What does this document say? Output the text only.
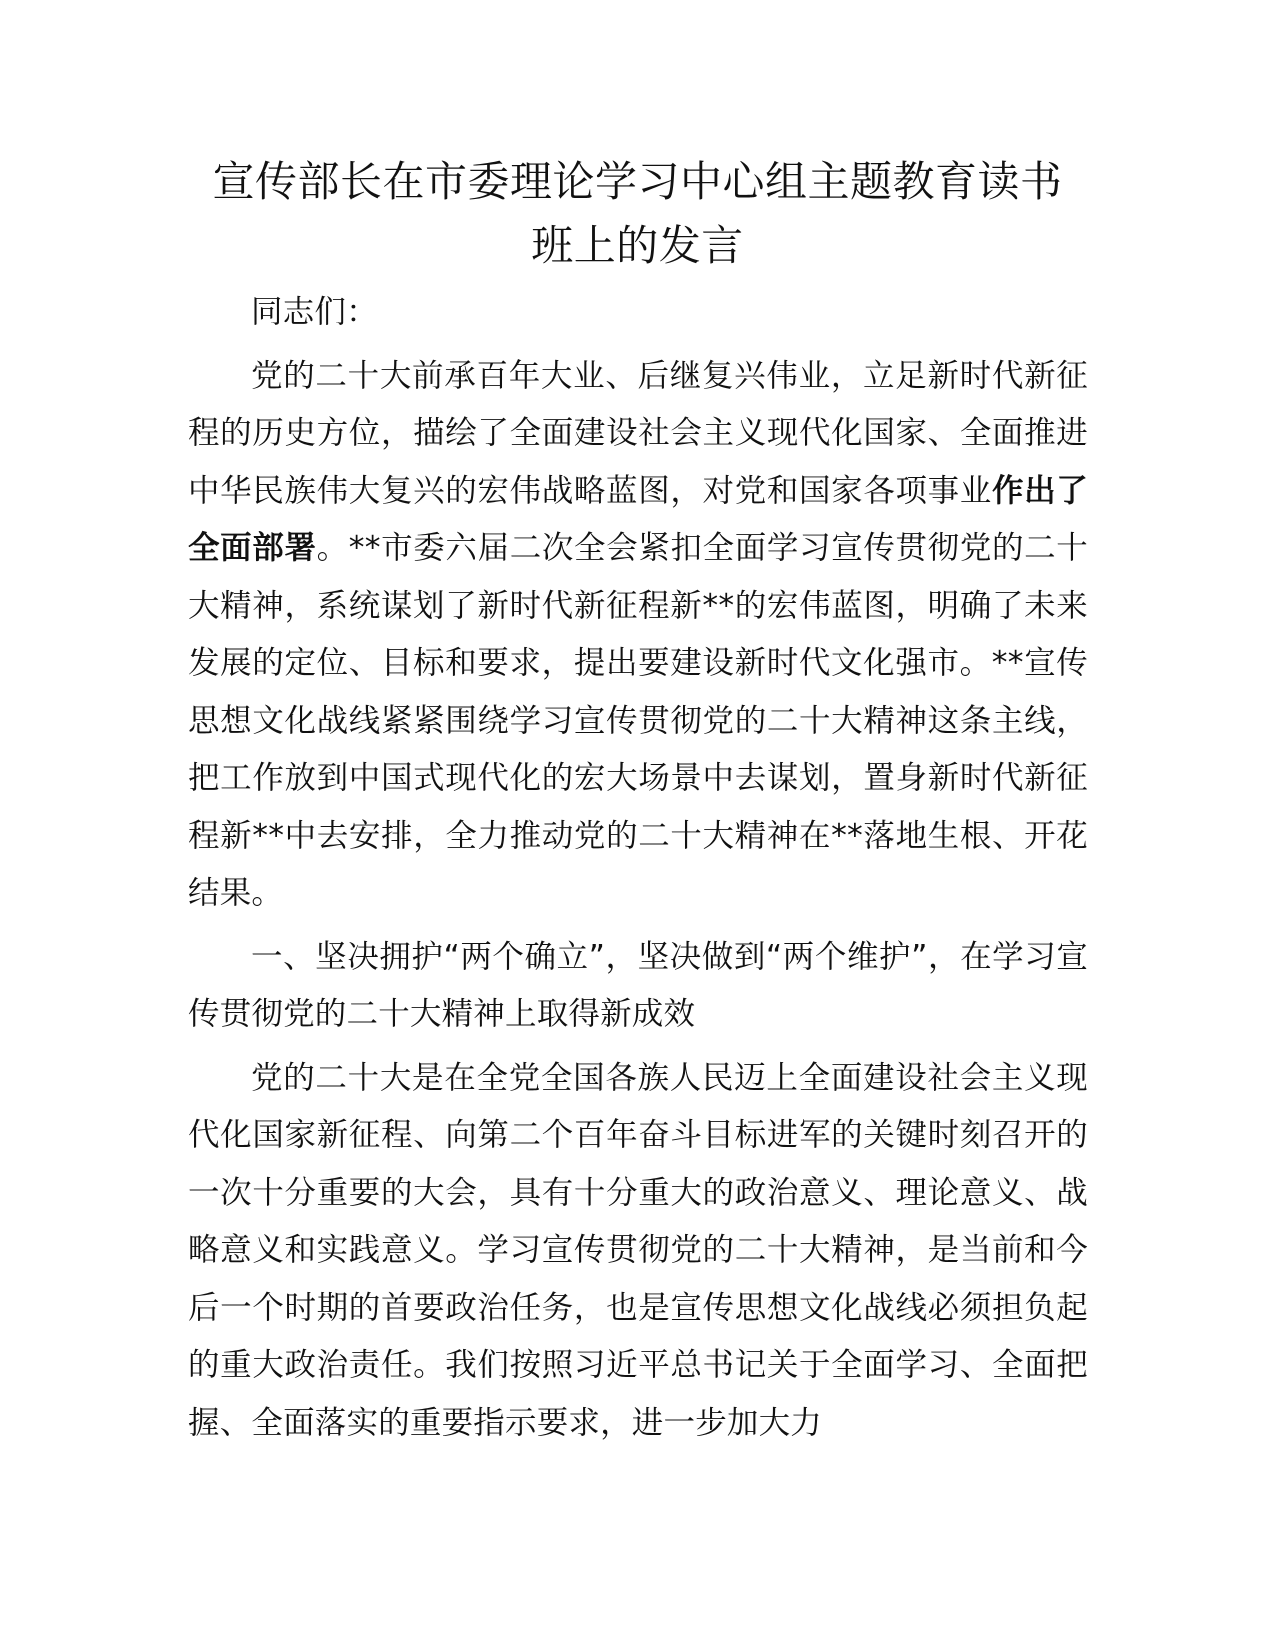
宣传部长在市委理论学习中心组主题教育读书
班上的发言

同志们：

党的二十大前承百年大业、后继复兴伟业，立足新时代新征程的历史方位，描绘了全面建设社会主义现代化国家、全面推进中华民族伟大复兴的宏伟战略蓝图，对党和国家各项事业作出了全面部署。**市委六届二次全会紧扣全面学习宣传贯彻党的二十大精神，系统谋划了新时代新征程新**的宏伟蓝图，明确了未来发展的定位、目标和要求，提出要建设新时代文化强市。**宣传思想文化战线紧紧围绕学习宣传贯彻党的二十大精神这条主线，把工作放到中国式现代化的宏大场景中去谋划，置身新时代新征程新**中去安排，全力推动党的二十大精神在**落地生根、开花结果。

一、坚决拥护“两个确立”，坚决做到“两个维护”，在学习宣传贯彻党的二十大精神上取得新成效

党的二十大是在全党全国各族人民迈上全面建设社会主义现代化国家新征程、向第二个百年奋斗目标进军的关键时刻召开的一次十分重要的大会，具有十分重大的政治意义、理论意义、战略意义和实践意义。学习宣传贯彻党的二十大精神，是当前和今后一个时期的首要政治任务，也是宣传思想文化战线必须担负起的重大政治责任。我们按照习近平总书记关于全面学习、全面把握、全面落实的重要指示要求，进一步加大力
